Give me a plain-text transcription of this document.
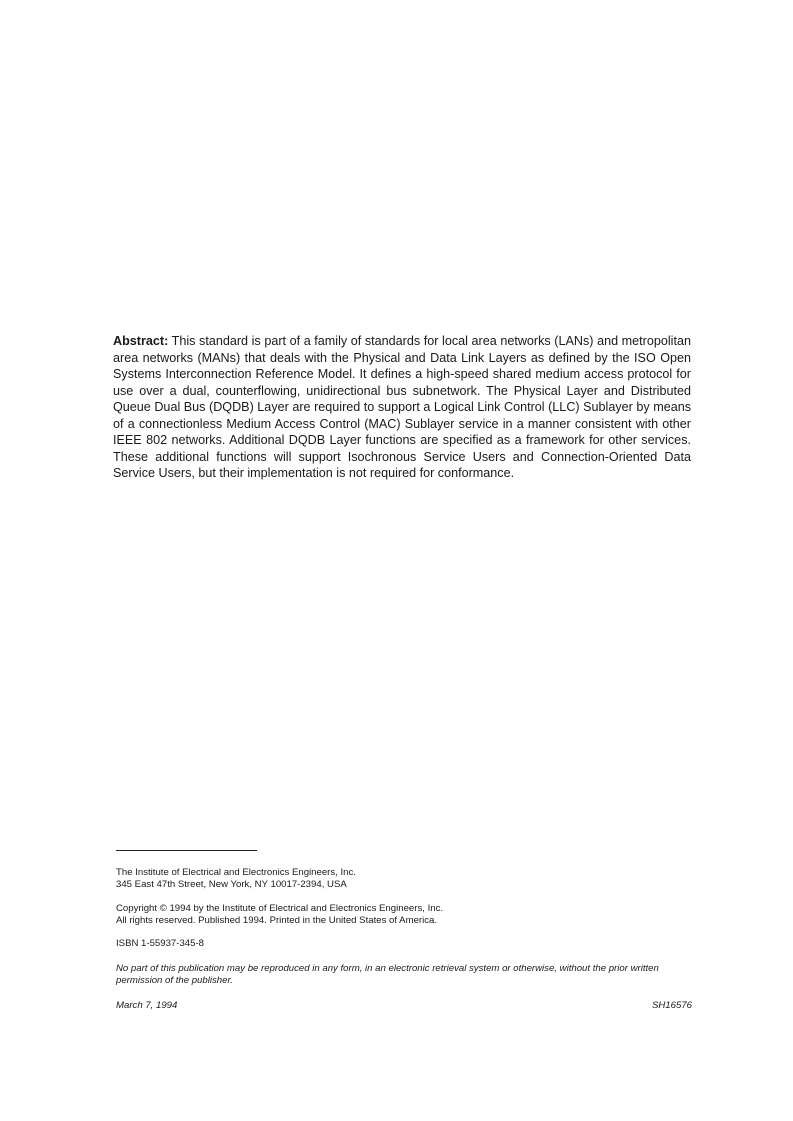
Abstract: This standard is part of a family of standards for local area networks (LANs) and metropolitan area networks (MANs) that deals with the Physical and Data Link Layers as defined by the ISO Open Systems Interconnection Reference Model. It defines a high-speed shared medium access protocol for use over a dual, counterflowing, unidirectional bus subnetwork. The Physical Layer and Distributed Queue Dual Bus (DQDB) Layer are required to support a Logical Link Control (LLC) Sublayer by means of a connectionless Medium Access Control (MAC) Sublayer service in a manner consistent with other IEEE 802 networks. Additional DQDB Layer functions are specified as a framework for other services. These additional functions will support Isochronous Service Users and Connection-Oriented Data Service Users, but their implementation is not required for conformance.
The Institute of Electrical and Electronics Engineers, Inc.
345 East 47th Street, New York, NY 10017-2394, USA
Copyright © 1994 by the Institute of Electrical and Electronics Engineers, Inc.
All rights reserved. Published 1994. Printed in the United States of America.
ISBN 1-55937-345-8
No part of this publication may be reproduced in any form, in an electronic retrieval system or otherwise, without the prior written permission of the publisher.
March 7, 1994	SH16576
